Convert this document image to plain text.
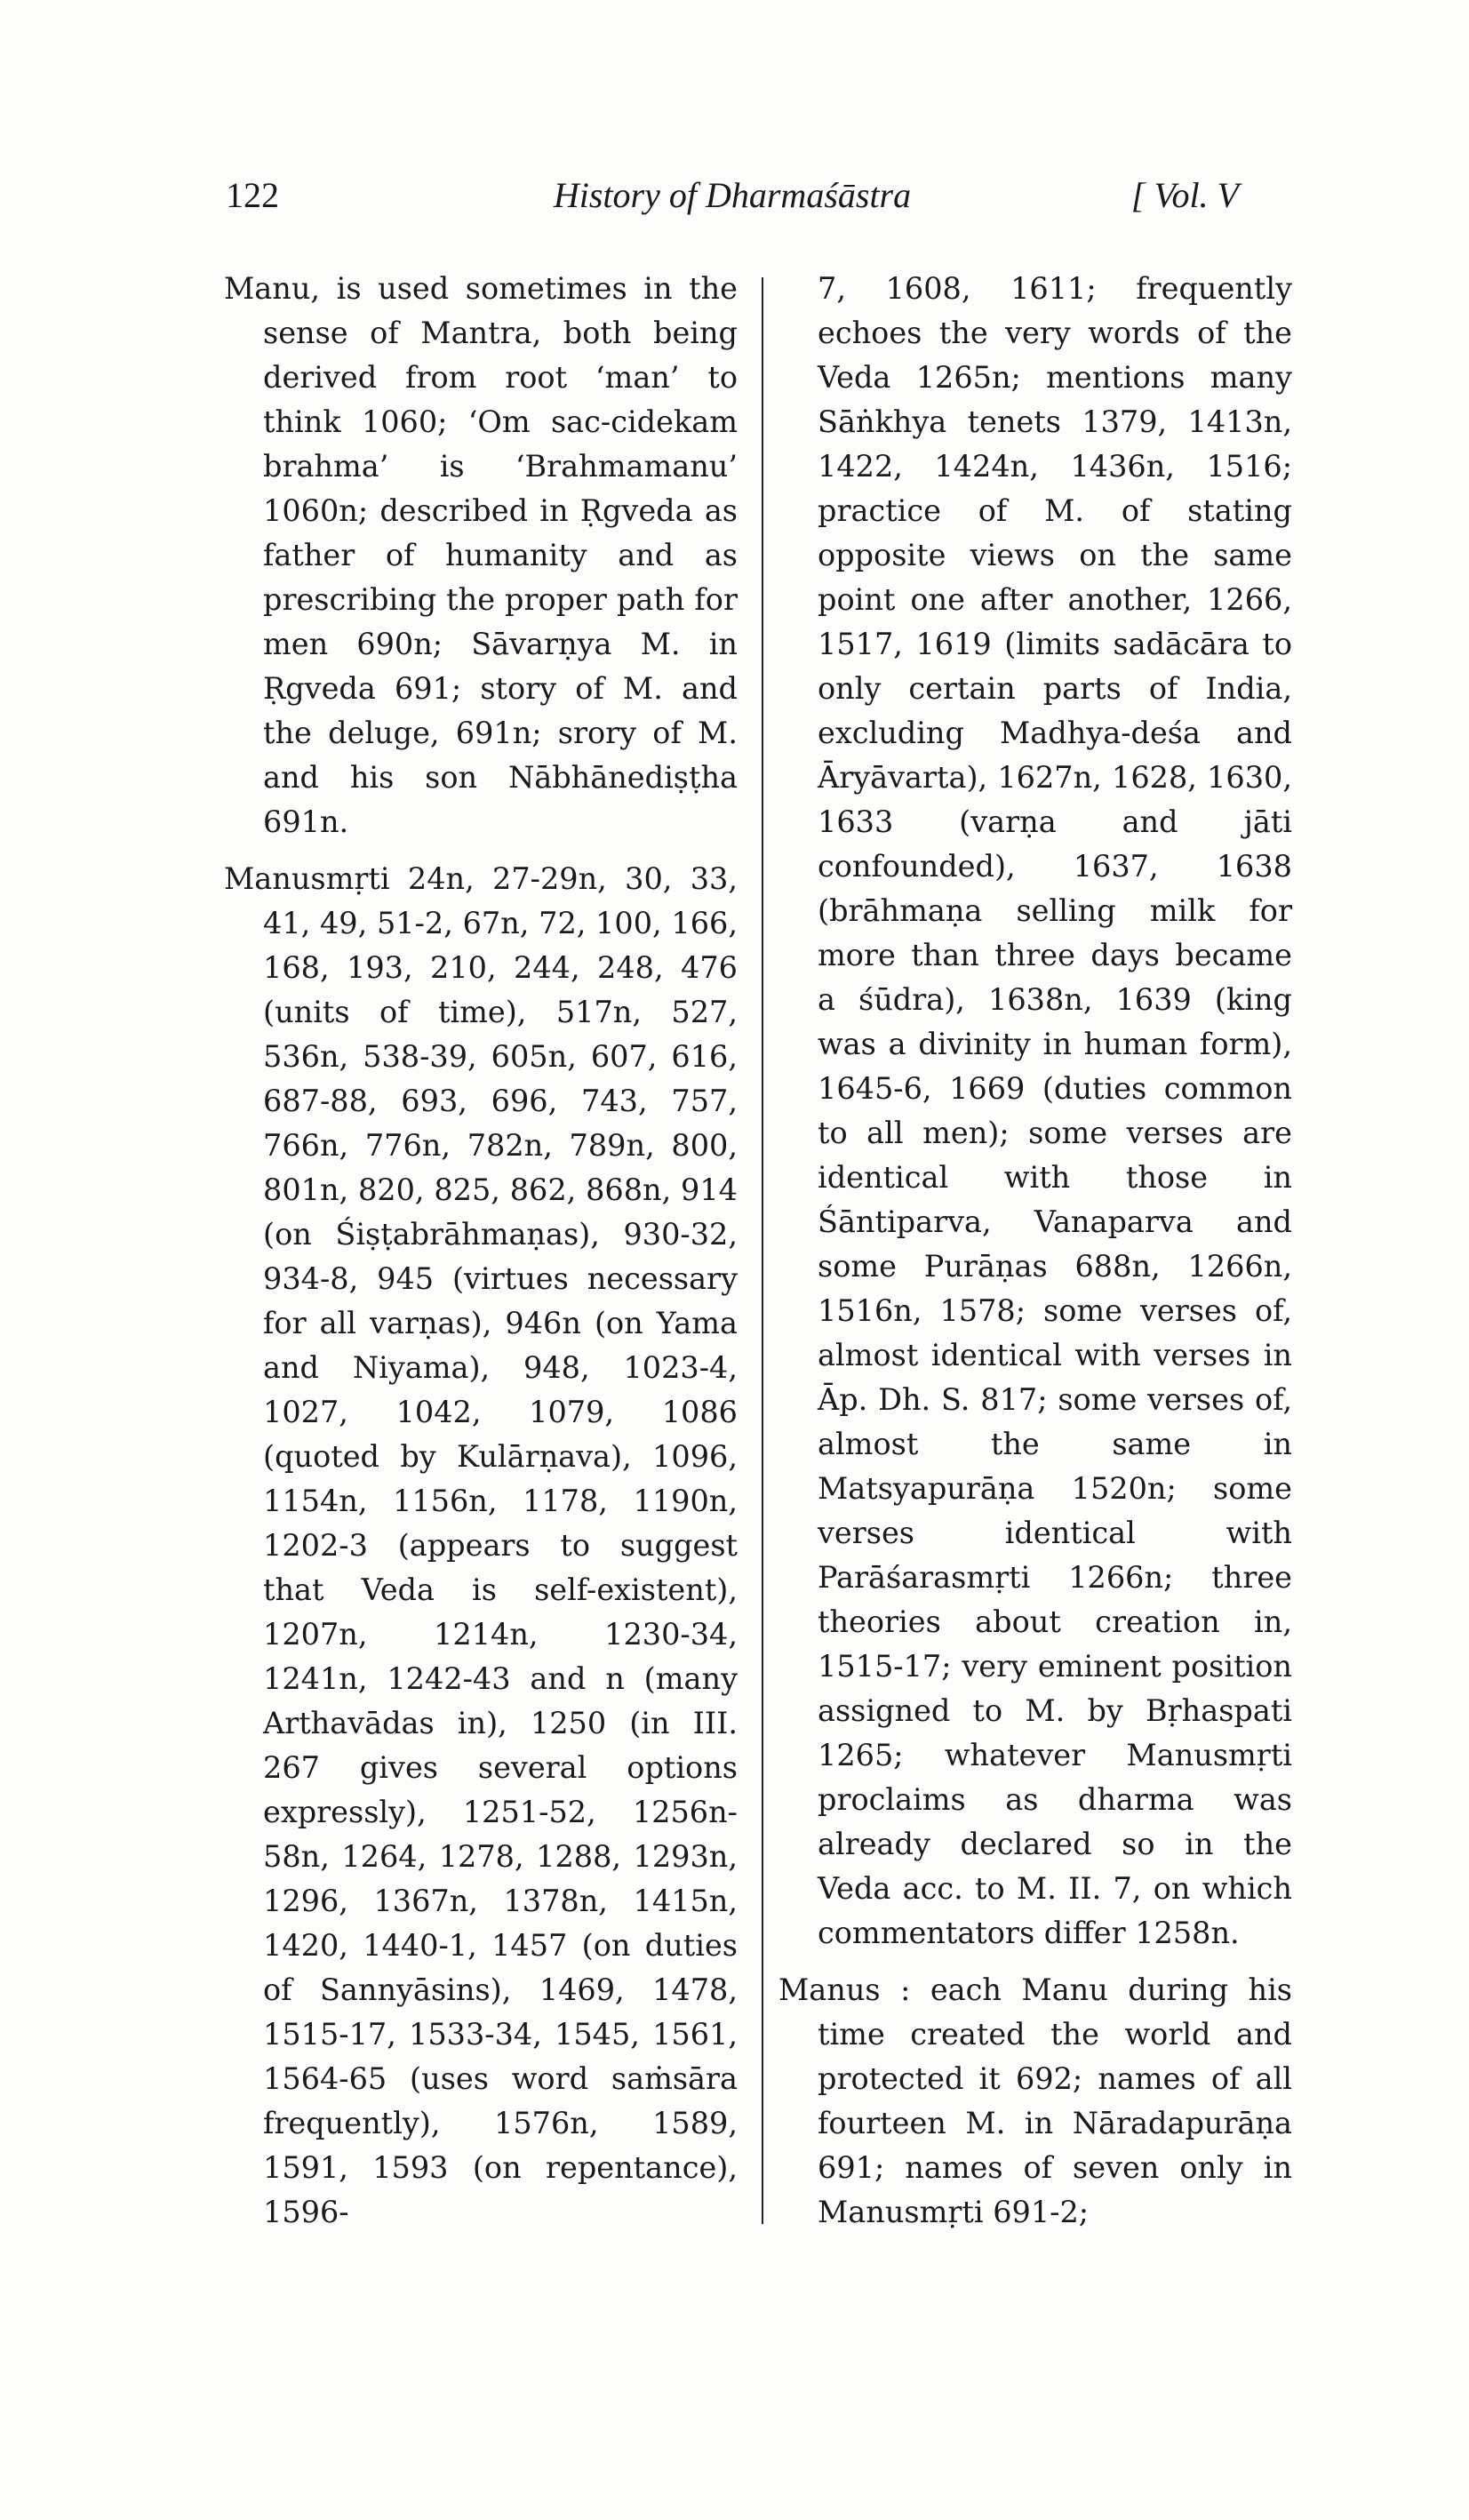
122	History of Dharmaśāstra	[ Vol. V

Manu, is used sometimes in the sense of Mantra, both being derived from root ‘man’ to think 1060; ‘Om sac-cidekam brahma’ is ‘Brahmamanu’ 1060n; described in Ṛgveda as father of humanity and as prescribing the proper path for men 690n; Sāvarṇya M. in Ṛgveda 691; story of M. and the deluge, 691n; srory of M. and his son Nābhānediṣṭha 691n.

Manusmṛti 24n, 27-29n, 30, 33, 41, 49, 51-2, 67n, 72, 100, 166, 168, 193, 210, 244, 248, 476 (units of time), 517n, 527, 536n, 538-39, 605n, 607, 616, 687-88, 693, 696, 743, 757, 766n, 776n, 782n, 789n, 800, 801n, 820, 825, 862, 868n, 914 (on Śiṣṭabrāhmaṇas), 930-32, 934-8, 945 (virtues necessary for all varṇas), 946n (on Yama and Niyama), 948, 1023-4, 1027, 1042, 1079, 1086 (quoted by Kulārṇava), 1096, 1154n, 1156n, 1178, 1190n, 1202-3 (appears to suggest that Veda is self-existent), 1207n, 1214n, 1230-34, 1241n, 1242-43 and n (many Arthavādas in), 1250 (in III. 267 gives several options expressly), 1251-52, 1256n-58n, 1264, 1278, 1288, 1293n, 1296, 1367n, 1378n, 1415n, 1420, 1440-1, 1457 (on duties of Sannyāsins), 1469, 1478, 1515-17, 1533-34, 1545, 1561, 1564-65 (uses word saṁsāra frequently), 1576n, 1589, 1591, 1593 (on repentance), 1596-

7, 1608, 1611; frequently echoes the very words of the Veda 1265n; mentions many Sāṅkhya tenets 1379, 1413n, 1422, 1424n, 1436n, 1516; practice of M. of stating opposite views on the same point one after another, 1266, 1517, 1619 (limits sadācāra to only certain parts of India, excluding Madhya-deśa and Āryāvarta), 1627n, 1628, 1630, 1633 (varṇa and jāti confounded), 1637, 1638 (brāhmaṇa selling milk for more than three days became a śūdra), 1638n, 1639 (king was a divinity in human form), 1645-6, 1669 (duties common to all men); some verses are identical with those in Śāntiparva, Vanaparva and some Purāṇas 688n, 1266n, 1516n, 1578; some verses of, almost identical with verses in Āp. Dh. S. 817; some verses of, almost the same in Matsyapurāṇa 1520n; some verses identical with Parāśarasmṛti 1266n; three theories about creation in, 1515-17; very eminent position assigned to M. by Bṛhaspati 1265; whatever Manusmṛti proclaims as dharma was already declared so in the Veda acc. to M. II. 7, on which commentators differ 1258n.

Manus : each Manu during his time created the world and protected it 692; names of all fourteen M. in Nāradapurāṇa 691; names of seven only in Manusmṛti 691-2;
